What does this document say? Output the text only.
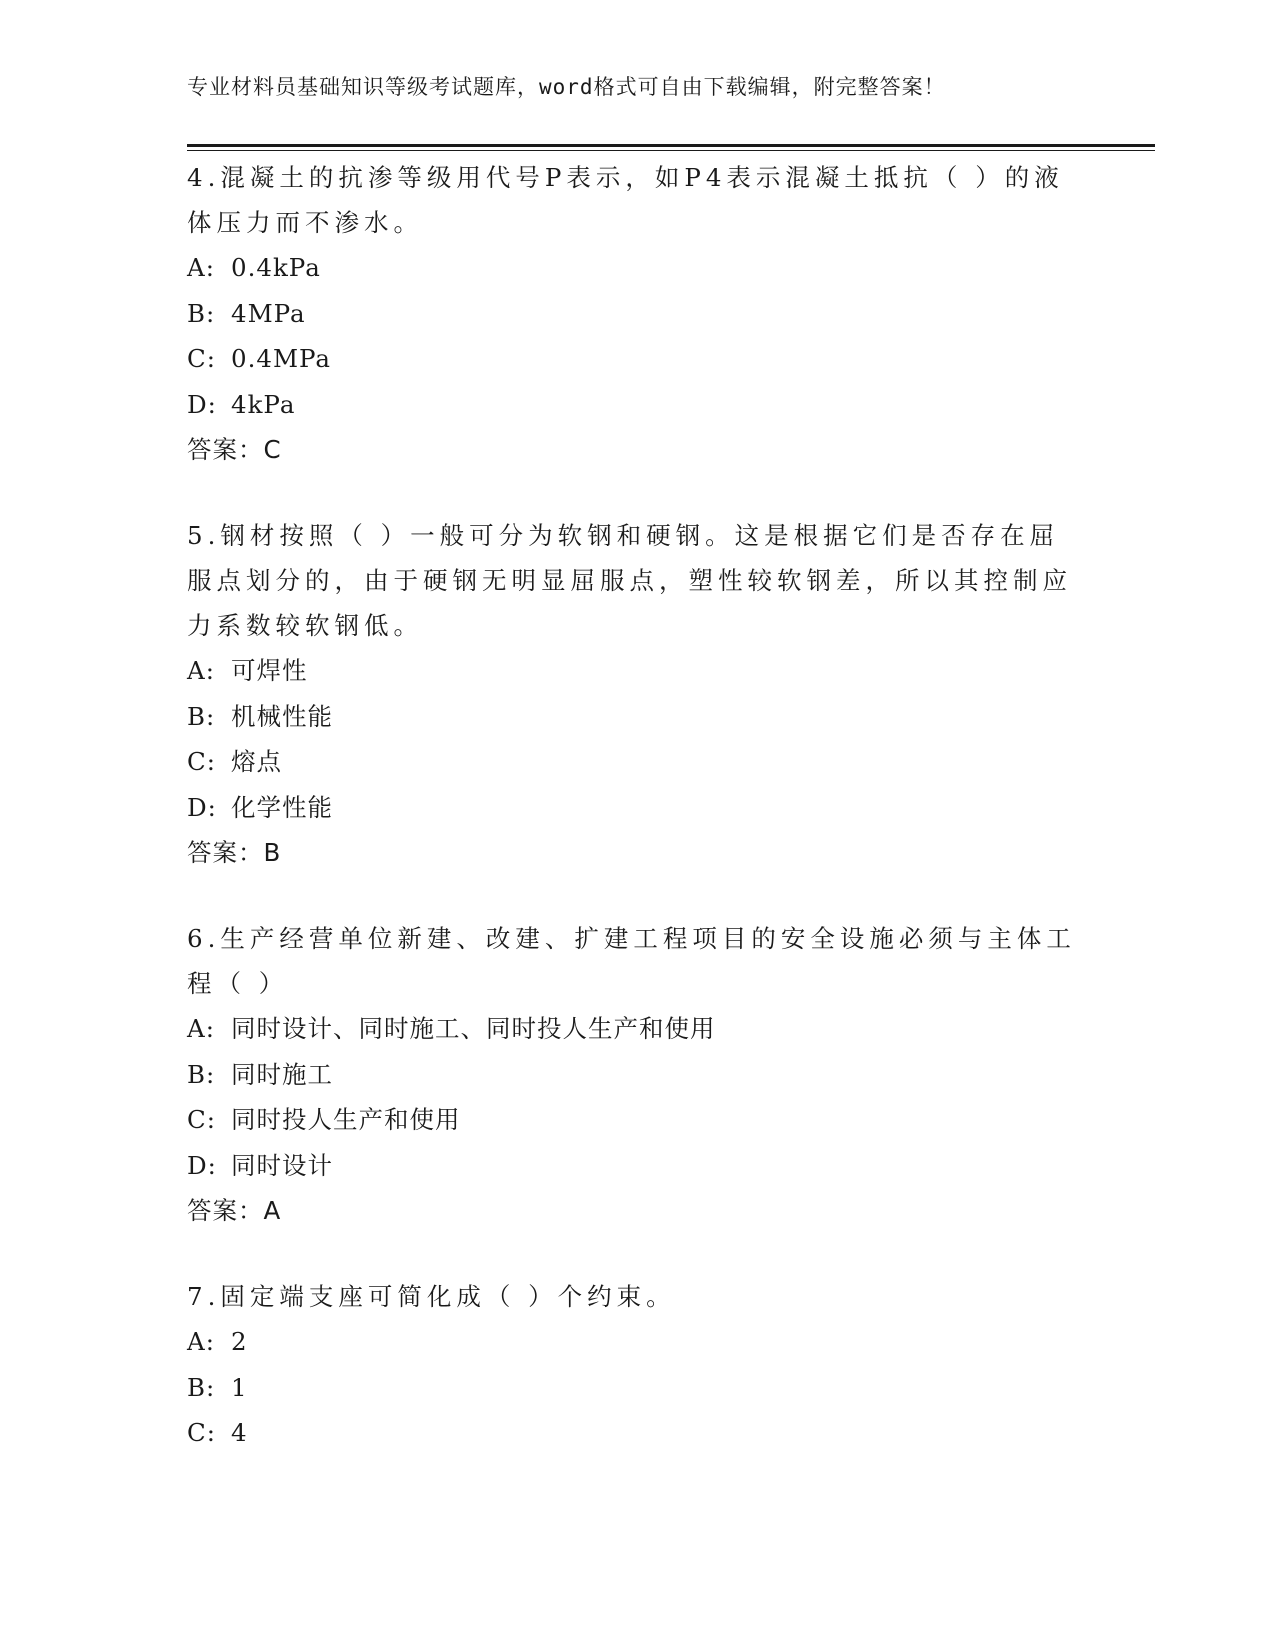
专业材料员基础知识等级考试题库，word格式可自由下载编辑，附完整答案！
4.混凝土的抗渗等级用代号P表示，如P4表示混凝土抵抗（ ）的液体压力而不渗水。
A: 0.4kPa
B: 4MPa
C: 0.4MPa
D: 4kPa
答案：C
5.钢材按照（ ）一般可分为软钢和硬钢。这是根据它们是否存在屈服点划分的，由于硬钢无明显屈服点，塑性较软钢差，所以其控制应力系数较软钢低。
A: 可焊性
B: 机械性能
C: 熔点
D: 化学性能
答案：B
6.生产经营单位新建、改建、扩建工程项目的安全设施必须与主体工程（ ）
A: 同时设计、同时施工、同时投人生产和使用
B: 同时施工
C: 同时投人生产和使用
D: 同时设计
答案：A
7.固定端支座可简化成（ ）个约束。
A: 2
B: 1
C: 4
